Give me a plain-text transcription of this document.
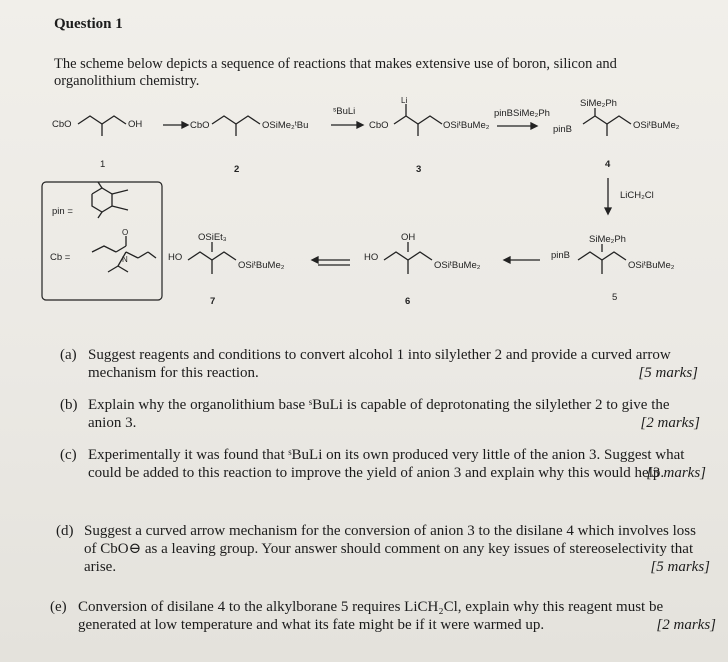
Question 1
The scheme below depicts a sequence of reactions that makes extensive use of boron, silicon and organolithium chemistry.
CbO	OH
1
CbO	OSiMe₂ᵗBu
2
ˢBuLi
CbO	OSiᵗBuMe₂
Li
3
pinBSiMe₂Ph
pinB	OSiᵗBuMe₂
SiMe₂Ph
4
LiCH₂Cl
pin =
Cb =	N
O
HO
OSiᵗBuMe₂
OSiEt₃
7
HO
OSiᵗBuMe₂
OH
6
pinB
OSiᵗBuMe₂
SiMe₂Ph
5
(a) Suggest reagents and conditions to convert alcohol 1 into silylether 2 and provide a curved arrow mechanism for this reaction.	[5 marks]
(b) Explain why the organolithium base ˢBuLi is capable of deprotonating the silylether 2 to give the anion 3.	[2 marks]
(c) Experimentally it was found that ˢBuLi on its own produced very little of the anion 3. Suggest what could be added to this reaction to improve the yield of anion 3 and explain why this would help.
[3 marks]
(d) Suggest a curved arrow mechanism for the conversion of anion 3 to the disilane 4 which involves loss of CbO⊖ as a leaving group. Your answer should comment on any key issues of stereoselectivity that arise.	[5 marks]
(e) Conversion of disilane 4 to the alkylborane 5 requires LiCH₂Cl, explain why this reagent must be generated at low temperature and what its fate might be if it were warmed up.	[2 marks]
